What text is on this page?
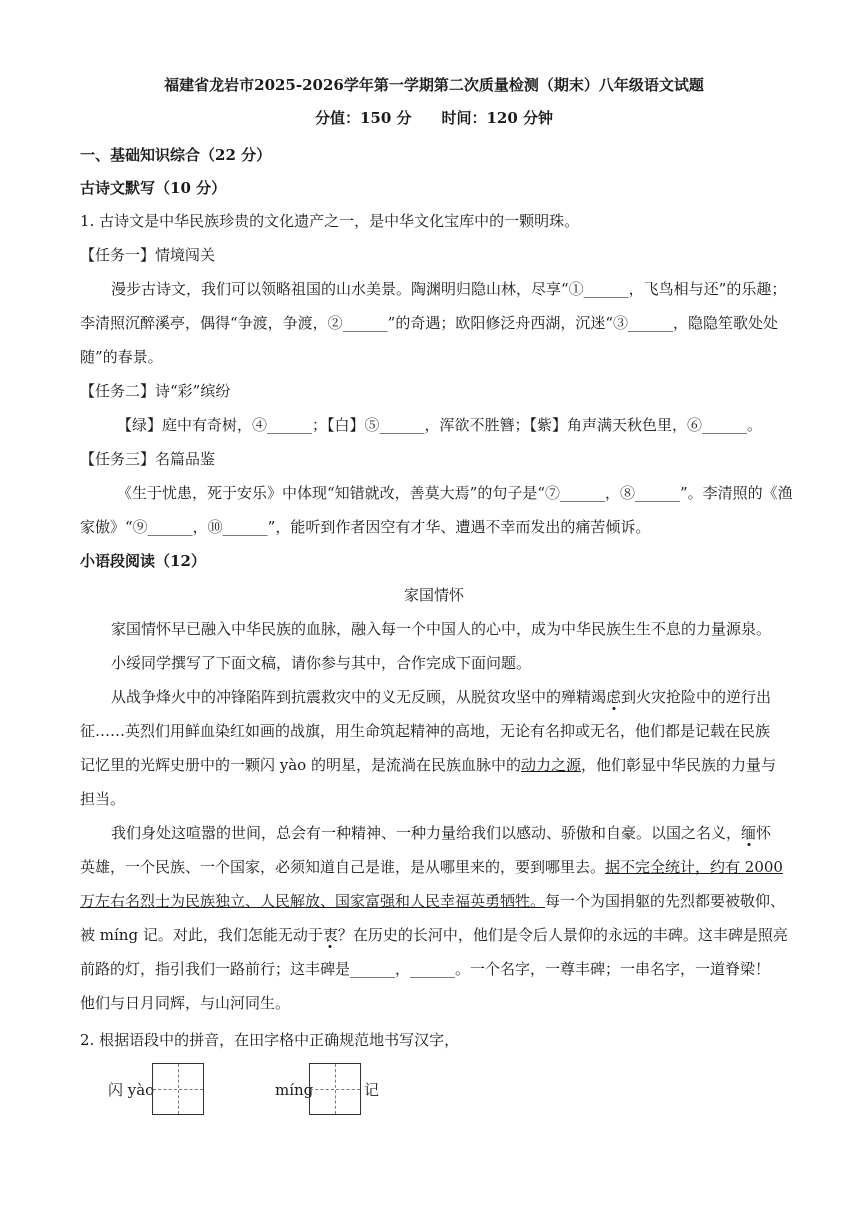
福建省龙岩市2025-2026学年第一学期第二次质量检测（期末）八年级语文试题
分值：150 分　　时间：120 分钟
一、基础知识综合（22 分）
古诗文默写（10 分）
1. 古诗文是中华民族珍贵的文化遗产之一，是中华文化宝库中的一颗明珠。
【任务一】情境闯关
漫步古诗文，我们可以领略祖国的山水美景。陶渊明归隐山林，尽享“①______，飞鸟相与还”的乐趣；
李清照沉醉溪亭，偶得“争渡，争渡，②______”的奇遇；欧阳修泛舟西湖，沉迷“③______，隐隐笙歌处处
随”的春景。
【任务二】诗“彩”缤纷
【绿】庭中有奇树，④______；【白】⑤______，浑欲不胜簪；【紫】角声满天秋色里，⑥______。
【任务三】名篇品鉴
《生于忧患，死于安乐》中体现“知错就改，善莫大焉”的句子是“⑦______，⑧______”。李清照的《渔
家傲》“⑨______，⑩______”，能听到作者因空有才华、遭遇不幸而发出的痛苦倾诉。
小语段阅读（12）
家国情怀
家国情怀早已融入中华民族的血脉，融入每一个中国人的心中，成为中华民族生生不息的力量源泉。
小绥同学撰写了下面文稿，请你参与其中，合作完成下面问题。
从战争烽火中的冲锋陷阵到抗震救灾中的义无反顾，从脱贫攻坚中的殚精竭虑到火灾抢险中的逆行出
征……英烈们用鲜血染红如画的战旗，用生命筑起精神的高地，无论有名抑或无名，他们都是记载在民族
记忆里的光辉史册中的一颗闪 yào 的明星，是流淌在民族血脉中的动力之源，他们彰显中华民族的力量与
担当。
我们身处这喧嚣的世间，总会有一种精神、一种力量给我们以感动、骄傲和自豪。以国之名义，缅怀
英雄，一个民族、一个国家，必须知道自己是谁，是从哪里来的，要到哪里去。据不完全统计，约有 2000
万左右名烈士为民族独立、人民解放、国家富强和人民幸福英勇牺牲。每一个为国捐躯的先烈都要被敬仰、
被 míng 记。对此，我们怎能无动于衷？在历史的长河中，他们是令后人景仰的永远的丰碑。这丰碑是照亮
前路的灯，指引我们一路前行；这丰碑是______，______。一个名字，一尊丰碑；一串名字，一道脊梁！
他们与日月同辉，与山河同生。
2. 根据语段中的拼音，在田字格中正确规范地书写汉字，
闪 yào	míng	记
